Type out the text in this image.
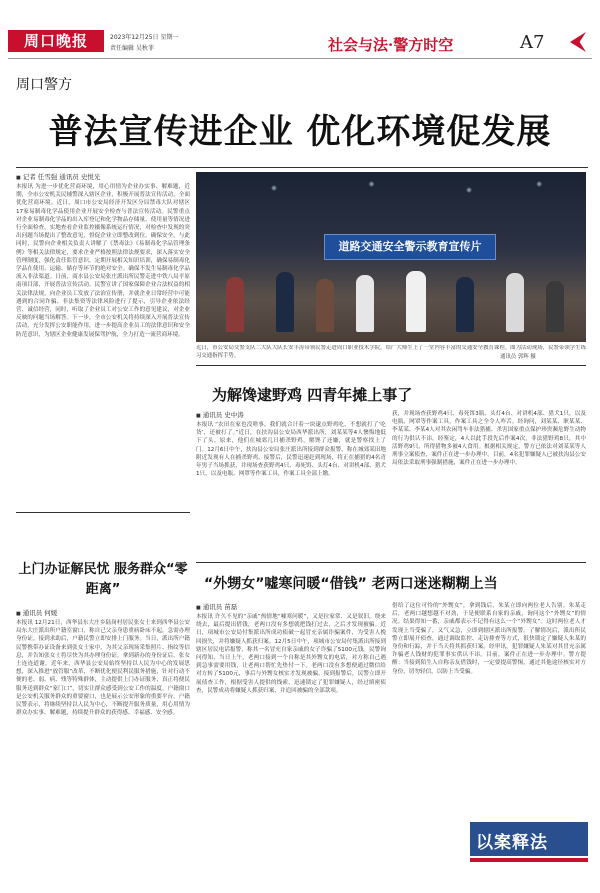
周口晚报	2023年12月25日 星期一
责任编辑 吴秋菲	社会与法·警方时空	A7
周口警方
普法宣传进企业 优化环境促发展
■ 记者 任雪强 通讯员 史悦光
本报讯 为进一步优化营商环境，用心用情为企业办实事、解难题，近期，全市公安机关民辅警深入辖区企业，积极开展普法宣传活动，全面优化营商环境。近日，周口市公安局经济开发区分局禁毒大队对辖区17家易制毒化学品使用企业开展安全检查与普法宣传活动。民警重点对企业易制毒化学品的出入库登记和化学物品存储量、使用量等情况进行全面检查，实地查看企业监控摄像系统运行情况，对检查中发现的突出问题当场提出了整改意见，督促企业立即整改到位，确保安全。与此同时，民警向企业相关负责人讲解了《禁毒法》《易制毒化学品管理条例》等相关法律规定，要求企业严格按照法律法规要求，深入落实安全管理制度，强化责任监管意识，定期开展相关知识培训，确保易制毒化学品在使用、运输、储存等环节的绝对安全。确保不发生易制毒化学品流入非法渠道。日前，商水县公安局张庄派出所民警走进中铁八局平原南项目部，开展普法宣传活动。民警宣讲了国家保障企业合法权益的相关法律法规，向企业员工发放了法治宣传册，并就企业日常经营中可能遇到的合同诈骗、非法集资等法律风险进行了提示，引导企业依法经营、诚信经营，同时，听取了企业员工对公安工作的意见建议，对企业反映的问题当场解答。下一步，全市公安机关将持续深入开展普法宣传活动，充分发挥公安职能作用，进一步提高企业员工的法律意识和安全防范意识，为辖区企业健康发展保驾护航，全力打造一流营商环境。
道路交通安全警示教育宣传片
近日，市公安局交警支队二大队大队长安丰涛带领民警走进周口职业技术学院，给广大师生上了一堂内容丰富的交通安全教育课程。图为活动现场，民警带领学生练习交通指挥手势。	通讯员 郭辉 摄
为解馋逮野鸡 四青年摊上事了
■ 通讯员 史中涛
本报讯 “农田在家也没啥事，我们就合计着一块逮点野鸡吃，不想就打了‘吃货’，还被打了。”近日，在扶沟县公安局西华派出所，刘某某等4人懊悔地低下了头。原来，他们在城郊几日捕杀野鸡，解馋了还嫌，就是警察找上了门。12月6日中午，扶沟县公安局张庄派出所接到群众报警，称在城郊某田地附近发现有人在捕杀野鸡。接警后，民警迅速赶到现场，将正在捕猎的4名青年男子当场抓获，并现场查获野鸡4只、毒死饵、头灯4台、对讲机4部、猎犬1只，以及电瓶、网罩等作案工具，作案工具全部上缴。
获，并现场查获野鸡4只、毒死饵3瓶、头灯4台、对讲机4部、猎犬1只，以及电瓶、网罩等作案工具，作案工具之全令人咋舌。经询问，刘某某、耿某某、李某某、李某4人对其农闲驾车非法猎捕、杀害国家重点保护珍贵濒危野生动物的行为供认不讳。经鉴定，4人以此手段先后作案4次，非法猎野鸡8只，其中活野鸡9只，所得猎物多被4人食用。根据相关规定，警方已依法对刘某某等人刑事立案侦查，案件正在进一步办理中。目前，4名犯罪嫌疑人已被扶沟县公安局依法采取刑事强制措施，案件正在进一步办理中。
上门办证解民忧 服务群众“零距离”
■ 通讯员 何媛
本报讯 12月21日，西华县东大庄乡陆岗村居民张女士来到西华县公安局东大庄派出所户籍室窗口，称自己父亲身患重病卧床不起，急需办理身份证。接到求助后，户籍民警立即安排上门服务。当日，派出所户籍民警携带办证设备来到张女士家中，为其父亲现场采集照片、指纹等信息，并告知张女士将尽快为其办理身份证。拿到新办的身份证后，张女士连连道谢。近年来，西华县公安局始终坚持以人民为中心的发展思想，深入推进“放管服”改革，不断优化便民利民服务措施，针对行动不便的老、弱、病、残等特殊群体，主动提供上门办证服务，真正将便民服务送到群众“家门口”，切实让群众感受到公安工作的温度。户籍窗口是公安机关服务群众的重要窗口，也是展示公安形象的重要平台。户籍民警表示，将继续坚持以人民为中心，不断提升服务质量，用心用情为群众办实事、解难题，持续提升群众的获得感、幸福感、安全感。
“外甥女”嘘寒问暖“借钱” 老两口迷迷糊糊上当
■ 通讯员 苗磊
本报讯 许久不见的“亲戚”热情地“嘘寒问暖”，又是拉家常、又是叙旧，绕来绕去，最后提出借钱，老两口没有多想就把钱打过去，之后才发现被骗。近日，项城市公安局付集派出所成功侦破一起冒充亲属诈骗案件，为受害人挽回损失，并将嫌疑人抓获归案。12月5日中午，项城市公安局付集派出所接到辖区居民电话报警，称其一名冒充自家亲戚的女子诈骗了5100元钱。民警询问得知，当日上午，老两口接到一个自称是其外甥女的电话，对方称自己遇到急事需要用钱，让老两口帮忙先垫付一下。老两口没有多想便通过微信给对方转了5100元，事后与外甥女核实才发现被骗。接到报警后，民警立即开展侦查工作，根据受害人提供的线索，迅速锁定了犯罪嫌疑人，经过缜密侦查，民警成功将嫌疑人抓获归案，并追回被骗的全部款项。
借给了这位可怜的“外甥女”，拿到钱后，朱某立即向两位老人告别。朱某走后，老两口越想越不对劲，于是便联系自家的亲戚，询问这个“外甥女”的情况。结果得知一番，亲戚都表示不记得有这么一个“外甥女”。这时两位老人才发现上当受骗了，又气又急，立即到辖区派出所报警。了解情况后，派出所民警立即展开侦查，通过调取监控、走访排查等方式，很快锁定了嫌疑人朱某的身份和行踪，并于当天将其抓获归案。经审讯，犯罪嫌疑人朱某对其冒充亲属诈骗老人钱财的犯罪事实供认不讳。目前，案件正在进一步办理中。警方提醒：当接到陌生人自称亲友借钱时，一定要提高警惕，通过其他途径核实对方身份，切勿轻信，以防上当受骗。
以案释法
